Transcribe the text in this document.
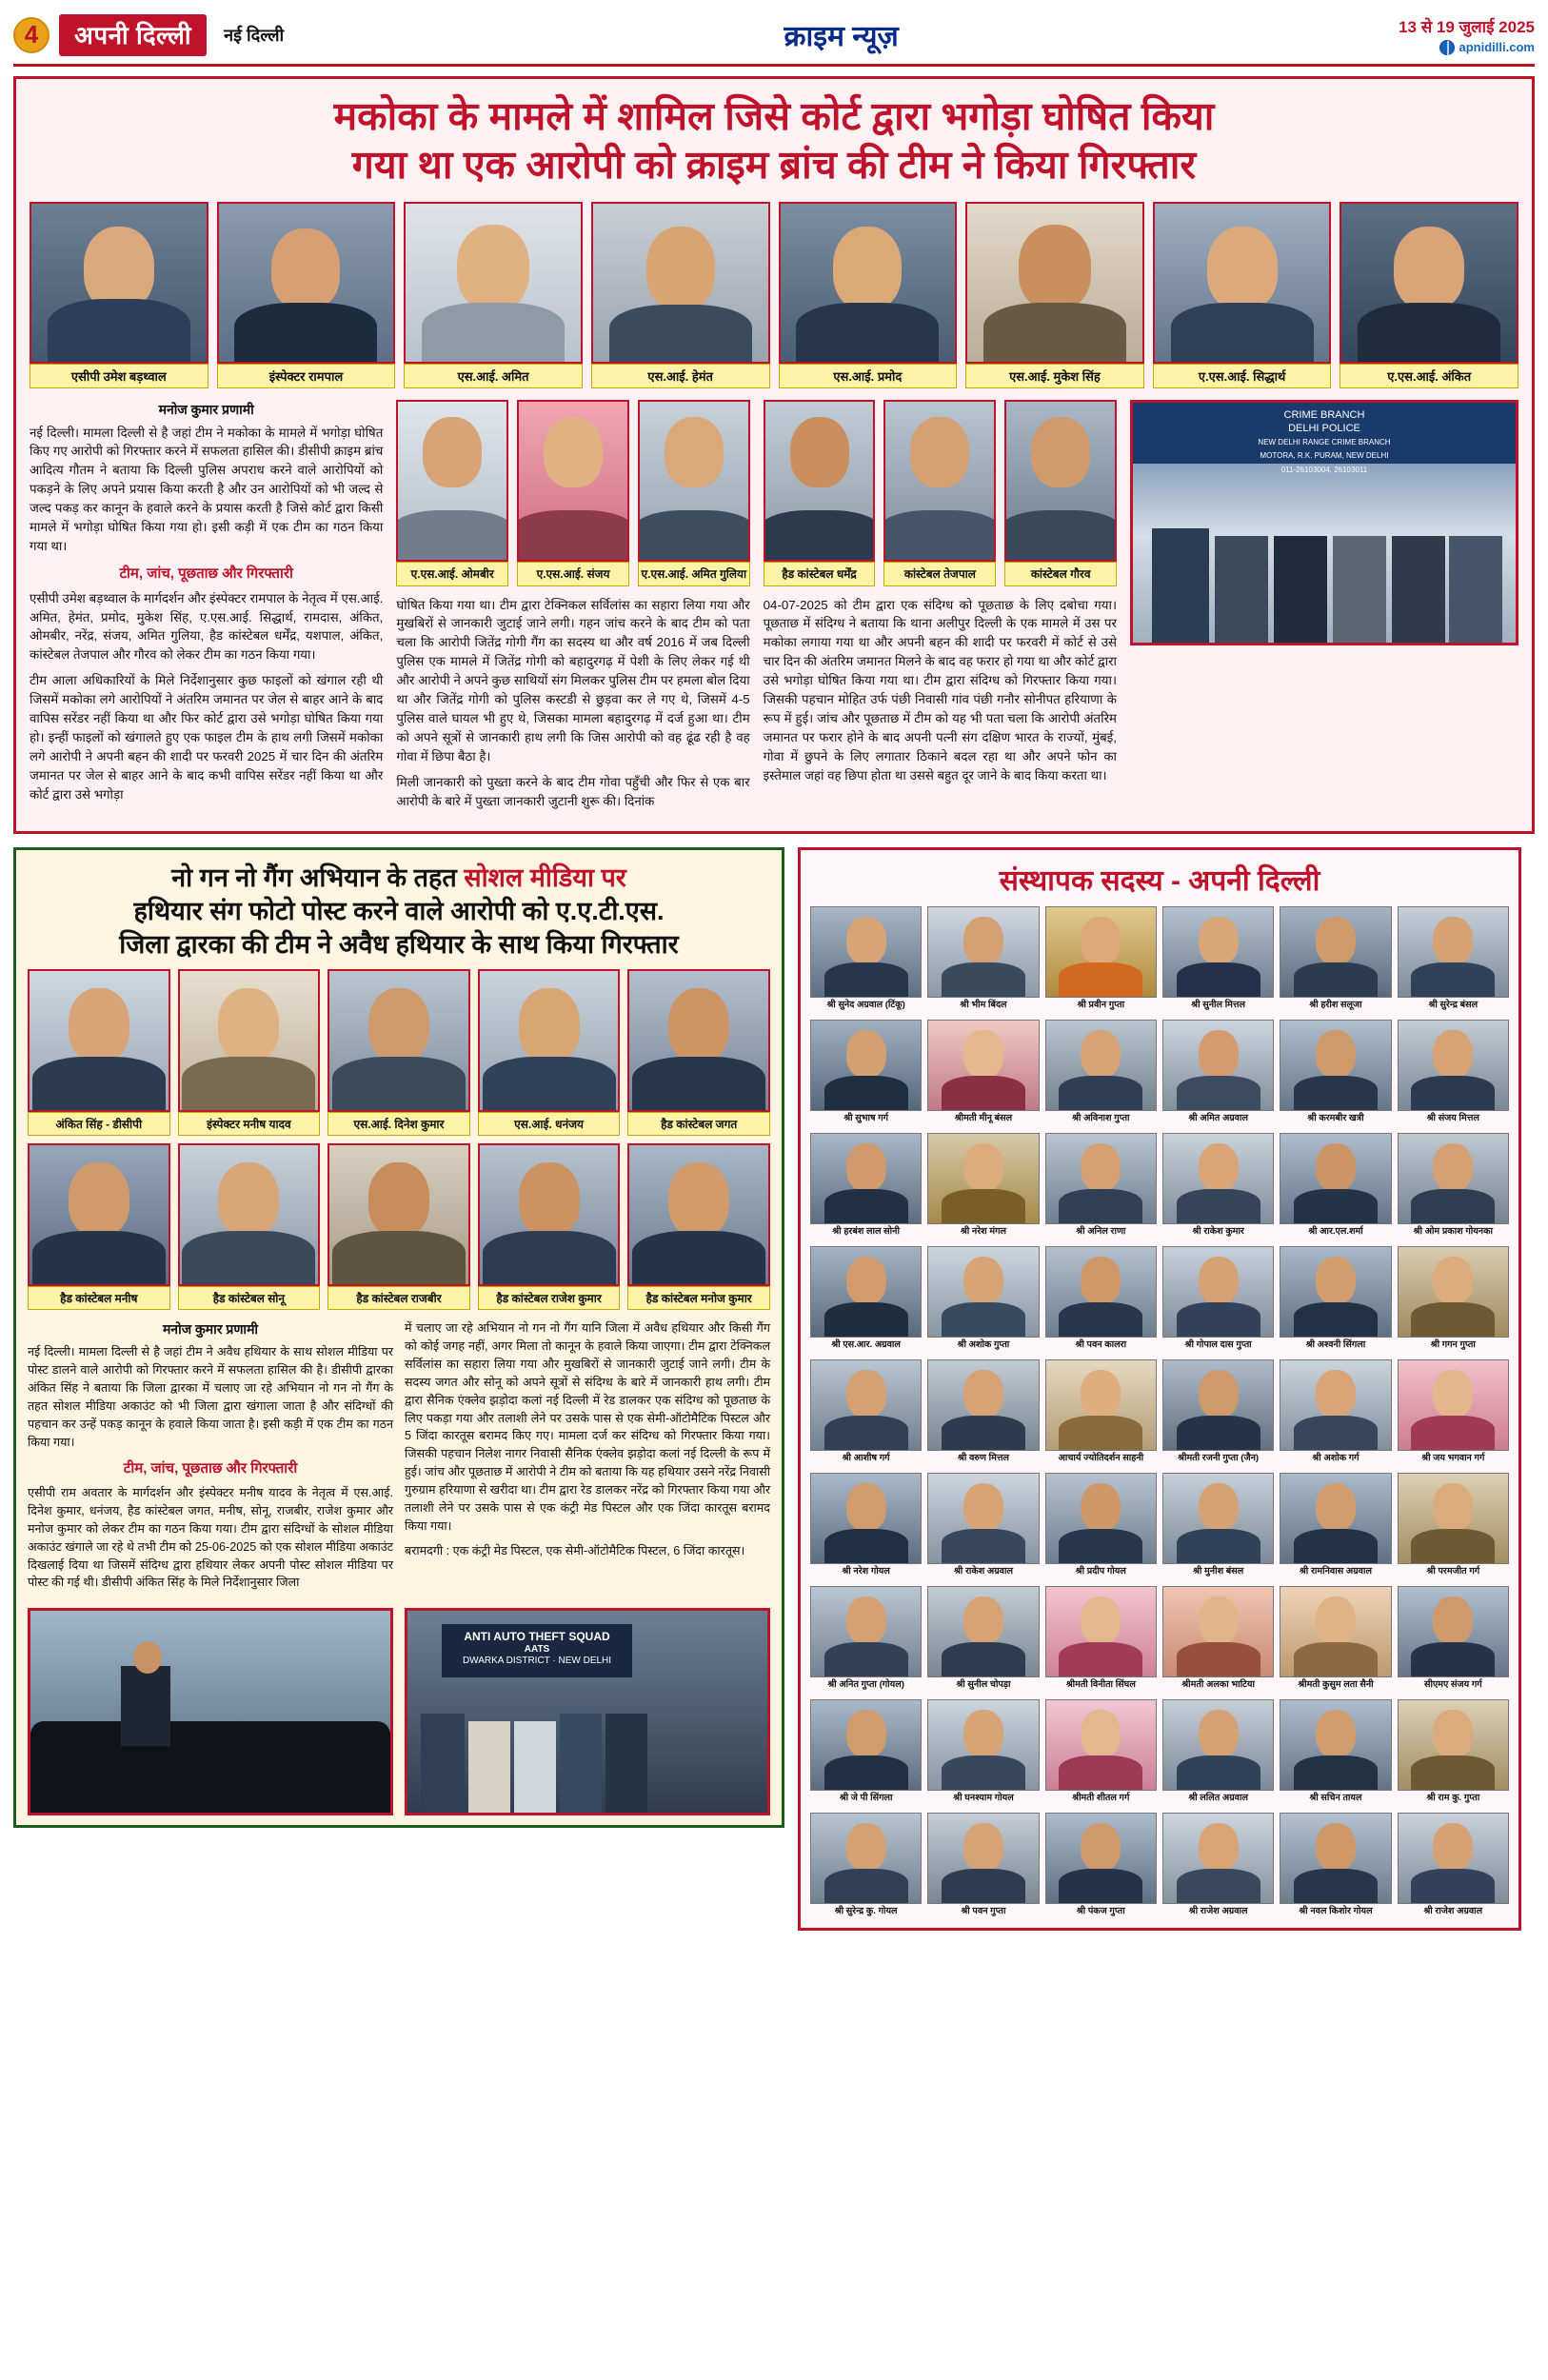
4	अपनी दिल्ली	नई दिल्ली	क्राइम न्यूज़	13 से 19 जुलाई 2025
apnidilli.com
मकोका के मामले में शामिल जिसे कोर्ट द्वारा भगोड़ा घोषित किया
गया था एक आरोपी को क्राइम ब्रांच की टीम ने किया गिरफ्तार
एसीपी उमेश बड़थ्वाल	इंस्पेक्टर रामपाल	एस.आई. अमित	एस.आई. हेमंत	एस.आई. प्रमोद	एस.आई. मुकेश सिंह	ए.एस.आई. सिद्धार्थ	ए.एस.आई. अंकित
मनोज कुमार प्रणामी

नई दिल्ली। मामला दिल्ली से है जहां टीम ने मकोका के मामले में भगोड़ा घोषित किए गए आरोपी को गिरफ्तार करने में सफलता हासिल की। डीसीपी क्राइम ब्रांच आदित्य गौतम ने बताया कि दिल्ली पुलिस अपराध करने वाले आरोपियों को पकड़ने के लिए अपने प्रयास किया करती है और उन आरोपियों को भी जल्द से जल्द पकड़ कर कानून के हवाले करने के प्रयास करती है जिसे कोर्ट द्वारा किसी मामले में भगोड़ा घोषित किया गया हो। इसी कड़ी में एक टीम का गठन किया गया था।

टीम, जांच, पूछताछ और गिरफ्तारी

एसीपी उमेश बड़थ्वाल के मार्गदर्शन और इंस्पेक्टर रामपाल के नेतृत्व में एस.आई. अमित, हेमंत, प्रमोद, मुकेश सिंह, ए.एस.आई. सिद्धार्थ, रामदास, अंकित, ओमबीर, नरेंद्र, संजय, अमित गुलिया, हैड कांस्टेबल धर्मेंद्र, यशपाल, अंकित, कांस्टेबल तेजपाल और गौरव को लेकर टीम का गठन किया गया।

टीम आला अधिकारियों के मिले निर्देशानुसार कुछ फाइलों को खंगाल रही थी जिसमें मकोका लगे आरोपियों ने अंतरिम जमानत पर जेल से बाहर आने के बाद वापिस सरेंडर नहीं किया था और फिर कोर्ट द्वारा उसे भगोड़ा घोषित किया गया हो। इन्हीं फाइलों को खंगालते हुए एक फाइल टीम के हाथ लगी जिसमें मकोका लगे आरोपी ने अपनी बहन की शादी पर फरवरी 2025 में चार दिन की अंतरिम जमानत पर जेल से बाहर आने के बाद कभी वापिस सरेंडर नहीं किया था और कोर्ट द्वारा उसे भगोड़ा

ए.एस.आई. ओमबीर	ए.एस.आई. संजय	ए.एस.आई. अमित गुलिया

घोषित किया गया था। टीम द्वारा टेक्निकल सर्विलांस का सहारा लिया गया और मुखबिरों से जानकारी जुटाई जाने लगी। गहन जांच करने के बाद टीम को पता चला कि आरोपी जितेंद्र गोगी गैंग का सदस्य था और वर्ष 2016 में जब दिल्ली पुलिस एक मामले में जितेंद्र गोगी को बहादुरगढ़ में पेशी के लिए लेकर गई थी और आरोपी ने अपने कुछ साथियों संग मिलकर पुलिस टीम पर हमला बोल दिया था और जितेंद्र गोगी को पुलिस कस्टडी से छुड़वा कर ले गए थे, जिसमें 4-5 पुलिस वाले घायल भी हुए थे, जिसका मामला बहादुरगढ़ में दर्ज हुआ था। टीम को अपने सूत्रों से जानकारी हाथ लगी कि जिस आरोपी को वह ढूंढ रही है वह गोवा में छिपा बैठा है।

मिली जानकारी को पुख्ता करने के बाद टीम गोवा पहुँची और फिर से एक बार आरोपी के बारे में पुख्ता जानकारी जुटानी शुरू की। दिनांक

हैड कांस्टेबल धर्मेंद्र	कांस्टेबल तेजपाल	कांस्टेबल गौरव

04-07-2025 को टीम द्वारा एक संदिग्ध को पूछताछ के लिए दबोचा गया। पूछताछ में संदिग्ध ने बताया कि थाना अलीपुर दिल्ली के एक मामले में उस पर मकोका लगाया गया था और अपनी बहन की शादी पर फरवरी में कोर्ट से उसे चार दिन की अंतरिम जमानत मिलने के बाद वह फरार हो गया था और कोर्ट द्वारा उसे भगोड़ा घोषित किया गया था। टीम द्वारा संदिग्ध को गिरफ्तार किया गया। जिसकी पहचान मोहित उर्फ पंछी निवासी गांव पंछी गनौर सोनीपत हरियाणा के रूप में हुई। जांच और पूछताछ में टीम को यह भी पता चला कि आरोपी अंतरिम जमानत पर फरार होने के बाद अपनी पत्नी संग दक्षिण भारत के राज्यों, मुंबई, गोवा में छुपने के लिए लगातार ठिकाने बदल रहा था और अपने फोन का इस्तेमाल जहां वह छिपा होता था उससे बहुत दूर जाने के बाद किया करता था।

CRIME BRANCH
DELHI POLICE
NEW DELHI RANGE CRIME BRANCH
MOTORA, R.K. PURAM, NEW DELHI
011-26103004, 26103011
नो गन नो गैंग अभियान के तहत सोशल मीडिया पर
हथियार संग फोटो पोस्ट करने वाले आरोपी को ए.ए.टी.एस.
जिला द्वारका की टीम ने अवैध हथियार के साथ किया गिरफ्तार
अंकित सिंह - डीसीपी	इंस्पेक्टर मनीष यादव	एस.आई. दिनेश कुमार	एस.आई. धनंजय	हैड कांस्टेबल जगत
हैड कांस्टेबल मनीष	हैड कांस्टेबल सोनू	हैड कांस्टेबल राजबीर	हैड कांस्टेबल राजेश कुमार	हैड कांस्टेबल मनोज कुमार
मनोज कुमार प्रणामी

नई दिल्ली। मामला दिल्ली से है जहां टीम ने अवैध हथियार के साथ सोशल मीडिया पर पोस्ट डालने वाले आरोपी को गिरफ्तार करने में सफलता हासिल की है। डीसीपी द्वारका अंकित सिंह ने बताया कि जिला द्वारका में चलाए जा रहे अभियान नो गन नो गैंग के तहत सोशल मीडिया अकाउंट को भी जिला द्वारा खंगाला जाता है और संदिग्धों की पहचान कर उन्हें पकड़ कानून के हवाले किया जाता है। इसी कड़ी में एक टीम का गठन किया गया।

टीम, जांच, पूछताछ और गिरफ्तारी

एसीपी राम अवतार के मार्गदर्शन और इंस्पेक्टर मनीष यादव के नेतृत्व में एस.आई. दिनेश कुमार, धनंजय, हैड कांस्टेबल जगत, मनीष, सोनू, राजबीर, राजेश कुमार और मनोज कुमार को लेकर टीम का गठन किया गया। टीम द्वारा संदिग्धों के सोशल मीडिया अकाउंट खंगाले जा रहे थे तभी टीम को 25-06-2025 को एक सोशल मीडिया अकाउंट दिखलाई दिया था जिसमें संदिग्ध द्वारा हथियार लेकर अपनी पोस्ट सोशल मीडिया पर पोस्ट की गई थी। डीसीपी अंकित सिंह के मिले निर्देशानुसार जिला

में चलाए जा रहे अभियान नो गन नो गैंग यानि जिला में अवैध हथियार और किसी गैंग को कोई जगह नहीं, अगर मिला तो कानून के हवाले किया जाएगा। टीम द्वारा टेक्निकल सर्विलांस का सहारा लिया गया और मुखबिरों से जानकारी जुटाई जाने लगी। टीम के सदस्य जगत और सोनू को अपने सूत्रों से संदिग्ध के बारे में जानकारी हाथ लगी। टीम द्वारा सैनिक एंक्लेव झड़ोदा कलां नई दिल्ली में रेड डालकर एक संदिग्ध को पूछताछ के लिए पकड़ा गया और तलाशी लेने पर उसके पास से एक सेमी-ऑटोमैटिक पिस्टल और 5 जिंदा कारतूस बरामद किए गए। मामला दर्ज कर संदिग्ध को गिरफ्तार किया गया। जिसकी पहचान निलेश नागर निवासी सैनिक एंक्लेव झड़ोदा कलां नई दिल्ली के रूप में हुई। जांच और पूछताछ में आरोपी ने टीम को बताया कि यह हथियार उसने नरेंद्र निवासी गुरुग्राम हरियाणा से खरीदा था। टीम द्वारा रेड डालकर नरेंद्र को गिरफ्तार किया गया और तलाशी लेने पर उसके पास से एक कंट्री मेड पिस्टल और एक जिंदा कारतूस बरामद किया गया।

बरामदगी : एक कंट्री मेड पिस्टल, एक सेमी-ऑटोमैटिक पिस्टल, 6 जिंदा कारतूस।

ANTI AUTO THEFT SQUAD
AATS
DWARKA DISTRICT · NEW DELHI
संस्थापक सदस्य - अपनी दिल्ली
श्री सुनेद अग्रवाल (टिंकू)	श्री भीम बिंदल	श्री प्रवीन गुप्ता	श्री सुनील मित्तल	श्री हरीश सलूजा	श्री सुरेन्द्र बंसल
श्री सुभाष गर्ग	श्रीमती मीनू बंसल	श्री अविनाश गुप्ता	श्री अमित अग्रवाल	श्री करमबीर खत्री	श्री संजय मित्तल
श्री हरबंश लाल सोनी	श्री नरेश मंगल	श्री अनिल राणा	श्री राकेश कुमार	श्री आर.एल.शर्मा	श्री ओम प्रकाश गोयनका
श्री एस.आर. अग्रवाल	श्री अशोक गुप्ता	श्री पवन कालरा	श्री गोपाल दास गुप्ता	श्री अश्वनी सिंगला	श्री गगन गुप्ता
श्री आशीष गर्ग	श्री वरुण मित्तल	आचार्य ज्योतिदर्शन साहनी	श्रीमती रजनी गुप्ता (जैन)	श्री अशोक गर्ग	श्री जय भगवान गर्ग
श्री नरेश गोयल	श्री राकेश अग्रवाल	श्री प्रदीप गोयल	श्री मुनीश बंसल	श्री रामनिवास अग्रवाल	श्री परमजीत गर्ग
श्री अनित गुप्ता (गोयल)	श्री सुनील चोपड़ा	श्रीमती विनीता सिंघल	श्रीमती अलका भाटिया	श्रीमती कुसुम लता सैनी	सीएमए संजय गर्ग
श्री जे पी सिंगला	श्री घनश्याम गोयल	श्रीमती शीतल गर्ग	श्री ललित अग्रवाल	श्री सचिन तायल	श्री राम कु. गुप्ता
श्री सुरेन्द्र कु. गोयल	श्री पवन गुप्ता	श्री पंकज गुप्ता	श्री राजेश अग्रवाल	श्री नवल किशोर गोयल	श्री राजेश अग्रवाल
